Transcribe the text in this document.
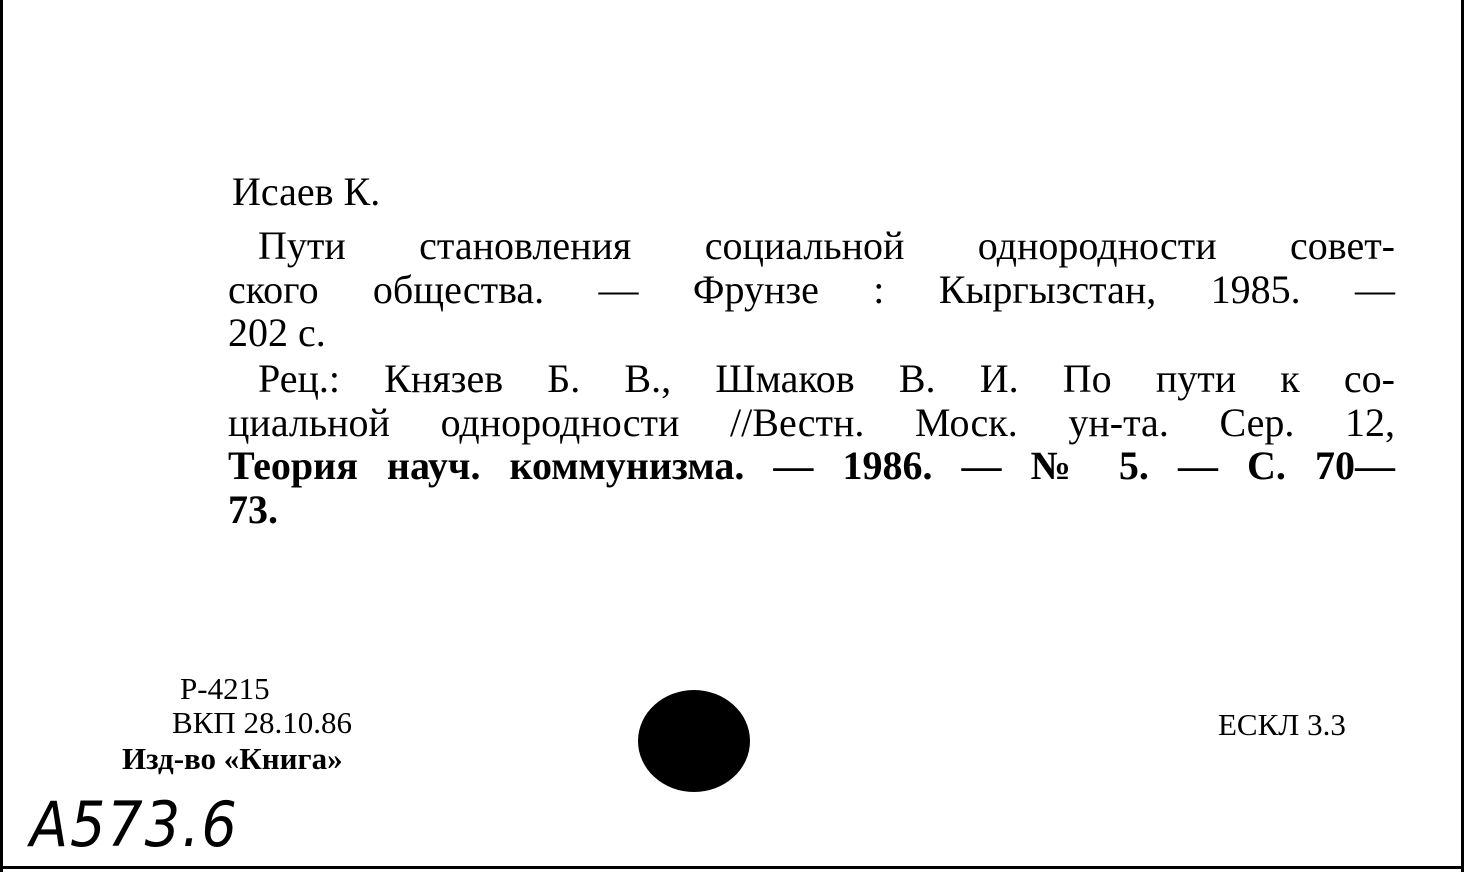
Исаев К.
Пути становления социальной однородности совет-
ского общества. — Фрунзе : Кыргызстан, 1985. —
202 с.
Рец.: Князев Б. В., Шмаков В. И. По пути к со-
циальной однородности //Вестн. Моск. ун-та. Сер. 12,
Теория науч. коммунизма. — 1986. — № 5. — С. 70—
73.
Р-4215
ВКП 28.10.86
Изд-во «Книга»
ЕСКЛ 3.3
A573.6
